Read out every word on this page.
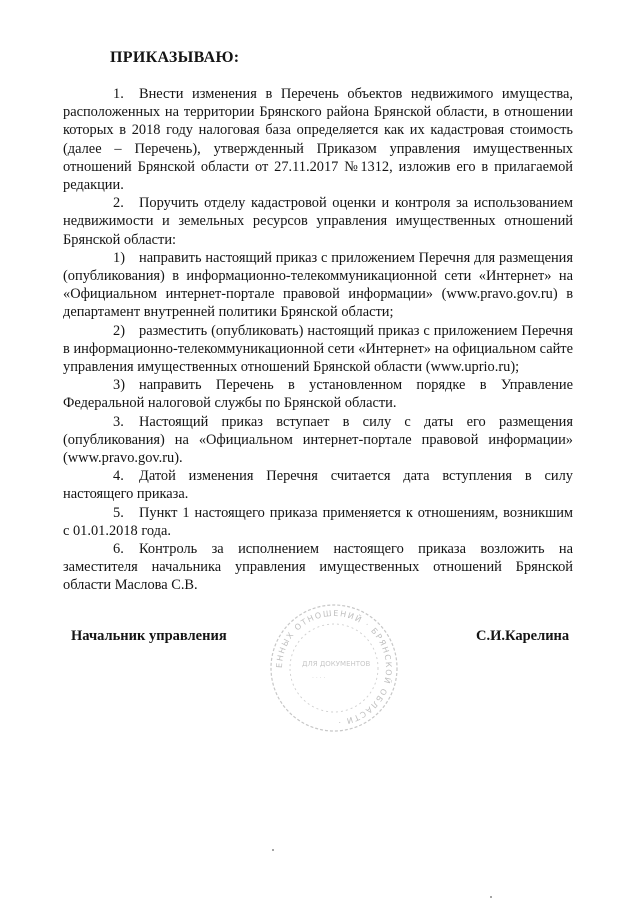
ПРИКАЗЫВАЮ:

1. Внести изменения в Перечень объектов недвижимого имущества, расположенных на территории Брянского района Брянской области, в отношении которых в 2018 году налоговая база определяется как их кадастровая стоимость (далее – Перечень), утвержденный Приказом управления имущественных отношений Брянской области от 27.11.2017 №1312, изложив его в прилагаемой редакции.

2. Поручить отделу кадастровой оценки и контроля за использованием недвижимости и земельных ресурсов управления имущественных отношений Брянской области:

1) направить настоящий приказ с приложением Перечня для размещения (опубликования) в информационно-телекоммуникационной сети «Интернет» на «Официальном интернет-портале правовой информации» (www.pravo.gov.ru) в департамент внутренней политики Брянской области;

2) разместить (опубликовать) настоящий приказ с приложением Перечня в информационно-телекоммуникационной сети «Интернет» на официальном сайте управления имущественных отношений Брянской области (www.uprio.ru);

3) направить Перечень в установленном порядке в Управление Федеральной налоговой службы по Брянской области.

3. Настоящий приказ вступает в силу с даты его размещения (опубликования) на «Официальном интернет-портале правовой информации» (www.pravo.gov.ru).

4. Датой изменения Перечня считается дата вступления в силу настоящего приказа.

5. Пункт 1 настоящего приказа применяется к отношениям, возникшим с 01.01.2018 года.

6. Контроль за исполнением настоящего приказа возложить на заместителя начальника управления имущественных отношений Брянской области Маслова С.В.

Начальник управления
ЕННЫХ ОТНОШЕНИЙ · БРЯНСКОЙ ОБЛАСТИ ·
ДЛЯ ДОКУМЕНТОВ
· · · ·
С.И.Карелина
